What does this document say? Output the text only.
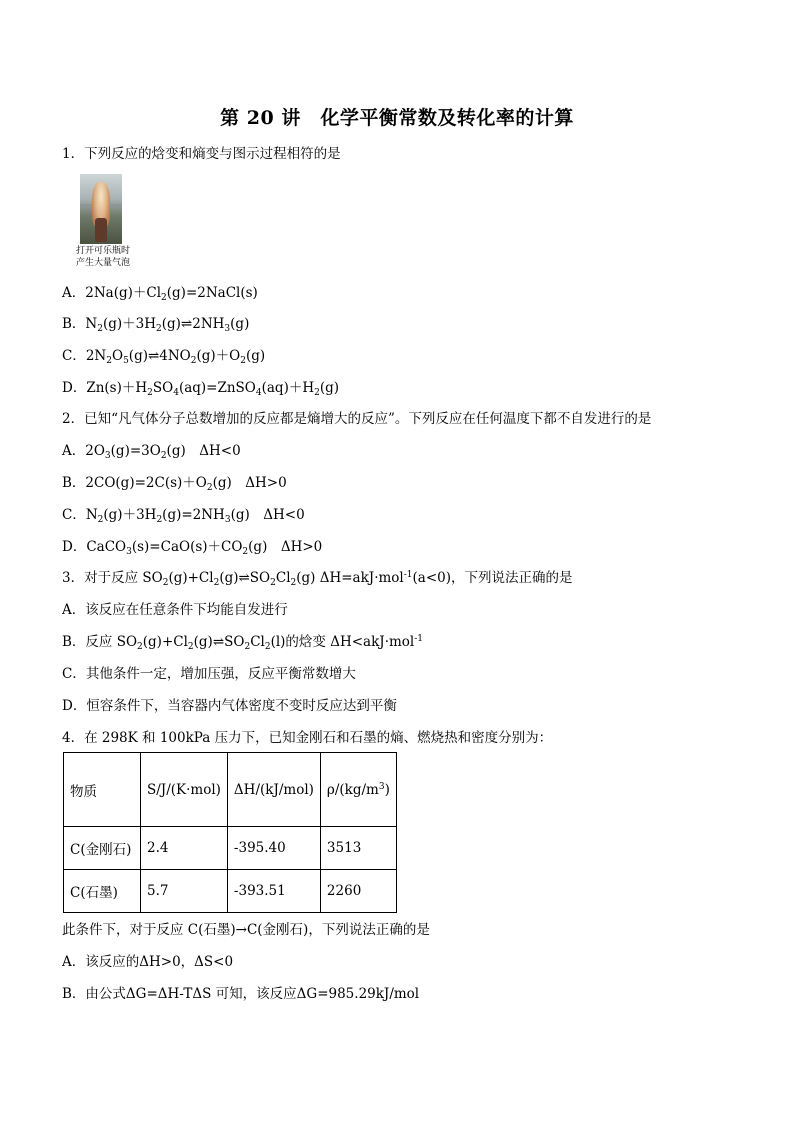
第 20 讲　化学平衡常数及转化率的计算
1．下列反应的焓变和熵变与图示过程相符的是
打开可乐瓶时
产生大量气泡
A．$2Na(g)+Cl_2(g)=2NaCl(s)$
B．$N_2(g)+3H_2(g)\rightleftharpoons 2NH_3(g)$
C．$2N_2O_5(g)\rightleftharpoons 4NO_2(g)+O_2(g)$
D．$Zn(s)+H_2SO_4(aq)=ZnSO_4(aq)+H_2(g)$
2．已知“凡气体分子总数增加的反应都是熵增大的反应”。下列反应在任何温度下都不自发进行的是
A．$2O_3(g)=3O_2(g)$　ΔH<0
B．$2CO(g)=2C(s)+O_2(g)$　ΔH>0
C．$N_2(g)+3H_2(g)=2NH_3(g)$　ΔH<0
D．$CaCO_3(s)=CaO(s)+CO_2(g)$　ΔH>0
3．对于反应 $SO_2(g)+Cl_2(g)\rightleftharpoons SO_2Cl_2(g)$ ΔH=akJ·mol$^{-1}$(a<0)，下列说法正确的是
A．该反应在任意条件下均能自发进行
B．反应 $SO_2(g)+Cl_2(g)\rightleftharpoons SO_2Cl_2(l)$的焓变 ΔH<akJ·mol$^{-1}$
C．其他条件一定，增加压强，反应平衡常数增大
D．恒容条件下，当容器内气体密度不变时反应达到平衡
4．在 298K 和 100kPa 压力下，已知金刚石和石墨的熵、燃烧热和密度分别为：
物质	S/J/(K·mol)	ΔH/(kJ/mol)	$\rho/(kg/m^3)$
C(金刚石)	2.4	-395.40	3513
C(石墨)	5.7	-393.51	2260
此条件下，对于反应 C(石墨)→C(金刚石)，下列说法正确的是
A．该反应的ΔH>0，ΔS<0
B．由公式ΔG=ΔH-TΔS 可知，该反应ΔG=985.29kJ/mol
